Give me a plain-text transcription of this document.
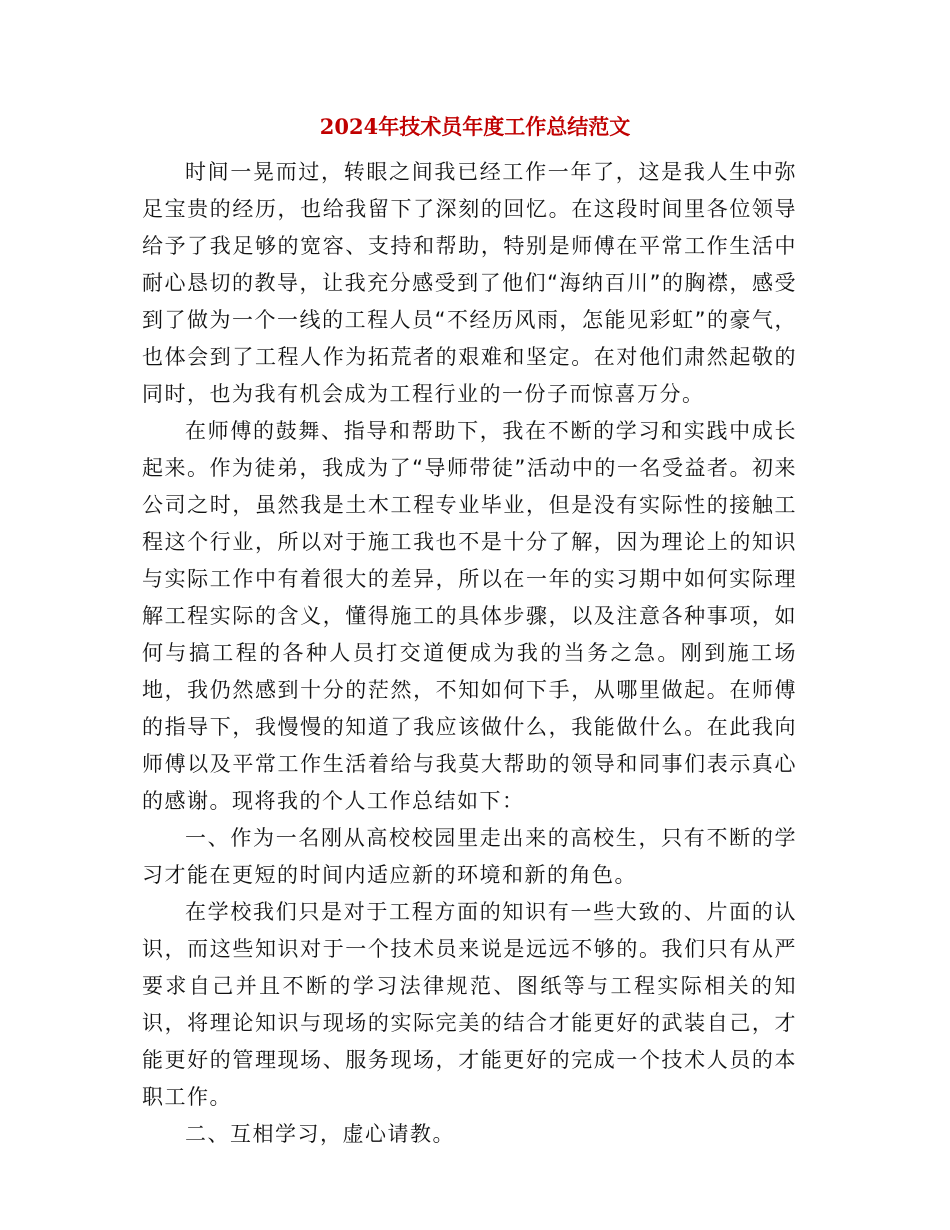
2024年技术员年度工作总结范文

时间一晃而过，转眼之间我已经工作一年了，这是我人生中弥足宝贵的经历，也给我留下了深刻的回忆。在这段时间里各位领导给予了我足够的宽容、支持和帮助，特别是师傅在平常工作生活中耐心恳切的教导，让我充分感受到了他们“海纳百川”的胸襟，感受到了做为一个一线的工程人员“不经历风雨，怎能见彩虹”的豪气，也体会到了工程人作为拓荒者的艰难和坚定。在对他们肃然起敬的同时，也为我有机会成为工程行业的一份子而惊喜万分。

在师傅的鼓舞、指导和帮助下，我在不断的学习和实践中成长起来。作为徒弟，我成为了“导师带徒”活动中的一名受益者。初来公司之时，虽然我是土木工程专业毕业，但是没有实际性的接触工程这个行业，所以对于施工我也不是十分了解，因为理论上的知识与实际工作中有着很大的差异，所以在一年的实习期中如何实际理解工程实际的含义，懂得施工的具体步骤，以及注意各种事项，如何与搞工程的各种人员打交道便成为我的当务之急。刚到施工场地，我仍然感到十分的茫然，不知如何下手，从哪里做起。在师傅的指导下，我慢慢的知道了我应该做什么，我能做什么。在此我向师傅以及平常工作生活着给与我莫大帮助的领导和同事们表示真心的感谢。现将我的个人工作总结如下：

一、作为一名刚从高校校园里走出来的高校生，只有不断的学习才能在更短的时间内适应新的环境和新的角色。

在学校我们只是对于工程方面的知识有一些大致的、片面的认识，而这些知识对于一个技术员来说是远远不够的。我们只有从严要求自己并且不断的学习法律规范、图纸等与工程实际相关的知识，将理论知识与现场的实际完美的结合才能更好的武装自己，才能更好的管理现场、服务现场，才能更好的完成一个技术人员的本职工作。

二、互相学习，虚心请教。
